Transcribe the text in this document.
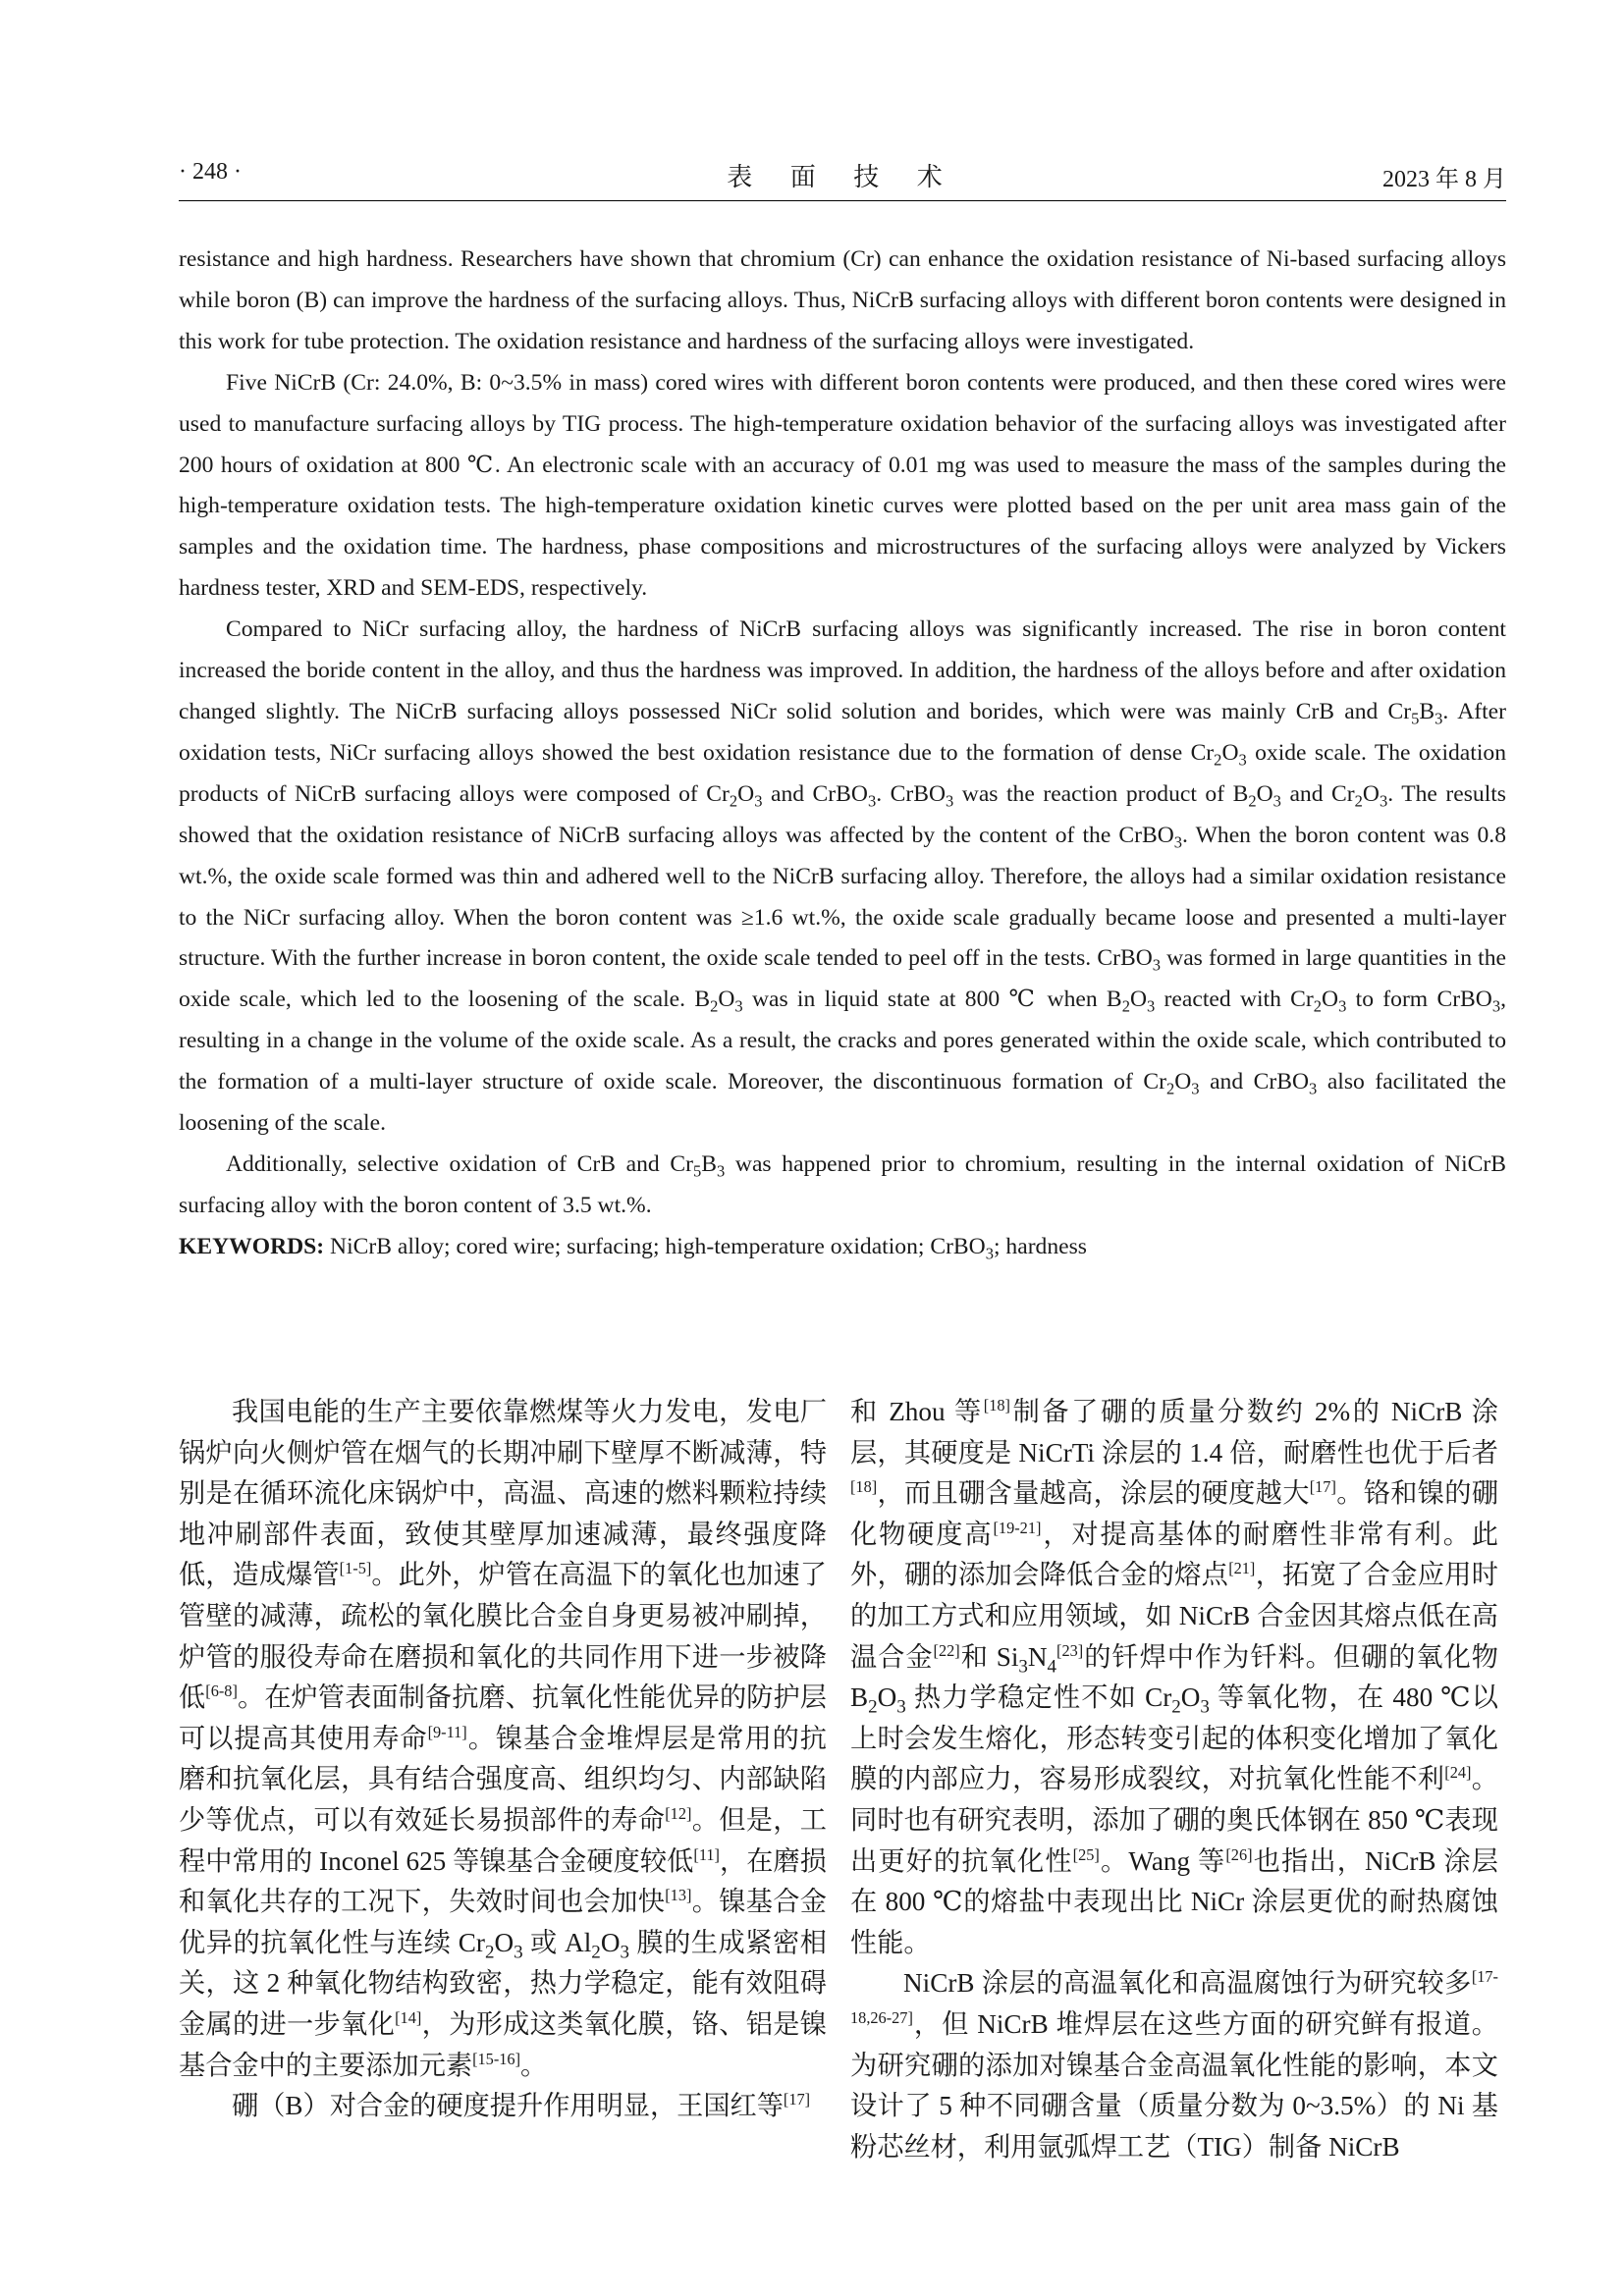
· 248 ·	表 面 技 术	2023 年 8 月

resistance and high hardness. Researchers have shown that chromium (Cr) can enhance the oxidation resistance of Ni-based surfacing alloys while boron (B) can improve the hardness of the surfacing alloys. Thus, NiCrB surfacing alloys with different boron contents were designed in this work for tube protection. The oxidation resistance and hardness of the surfacing alloys were investigated.

Five NiCrB (Cr: 24.0%, B: 0~3.5% in mass) cored wires with different boron contents were produced, and then these cored wires were used to manufacture surfacing alloys by TIG process. The high-temperature oxidation behavior of the surfacing alloys was investigated after 200 hours of oxidation at 800 ℃. An electronic scale with an accuracy of 0.01 mg was used to measure the mass of the samples during the high-temperature oxidation tests. The high-temperature oxidation kinetic curves were plotted based on the per unit area mass gain of the samples and the oxidation time. The hardness, phase compositions and microstructures of the surfacing alloys were analyzed by Vickers hardness tester, XRD and SEM-EDS, respectively.

Compared to NiCr surfacing alloy, the hardness of NiCrB surfacing alloys was significantly increased. The rise in boron content increased the boride content in the alloy, and thus the hardness was improved. In addition, the hardness of the alloys before and after oxidation changed slightly. The NiCrB surfacing alloys possessed NiCr solid solution and borides, which were was mainly CrB and $Cr_5B_3$. After oxidation tests, NiCr surfacing alloys showed the best oxidation resistance due to the formation of dense $Cr_2O_3$ oxide scale. The oxidation products of NiCrB surfacing alloys were composed of $Cr_2O_3$ and CrBO$_3$. CrBO$_3$ was the reaction product of $B_2O_3$ and $Cr_2O_3$. The results showed that the oxidation resistance of NiCrB surfacing alloys was affected by the content of the CrBO$_3$. When the boron content was 0.8 wt.%, the oxide scale formed was thin and adhered well to the NiCrB surfacing alloy. Therefore, the alloys had a similar oxidation resistance to the NiCr surfacing alloy. When the boron content was ≥1.6 wt.%, the oxide scale gradually became loose and presented a multi-layer structure. With the further increase in boron content, the oxide scale tended to peel off in the tests. CrBO$_3$ was formed in large quantities in the oxide scale, which led to the loosening of the scale. $B_2O_3$ was in liquid state at 800 ℃ when $B_2O_3$ reacted with $Cr_2O_3$ to form CrBO$_3$, resulting in a change in the volume of the oxide scale. As a result, the cracks and pores generated within the oxide scale, which contributed to the formation of a multi-layer structure of oxide scale. Moreover, the discontinuous formation of $Cr_2O_3$ and CrBO$_3$ also facilitated the loosening of the scale.

Additionally, selective oxidation of CrB and $Cr_5B_3$ was happened prior to chromium, resulting in the internal oxidation of NiCrB surfacing alloy with the boron content of 3.5 wt.%.

KEYWORDS: NiCrB alloy; cored wire; surfacing; high-temperature oxidation; CrBO$_3$; hardness

我国电能的生产主要依靠燃煤等火力发电，发电厂锅炉向火侧炉管在烟气的长期冲刷下壁厚不断减薄，特别是在循环流化床锅炉中，高温、高速的燃料颗粒持续地冲刷部件表面，致使其壁厚加速减薄，最终强度降低，造成爆管[1-5]。此外，炉管在高温下的氧化也加速了管壁的减薄，疏松的氧化膜比合金自身更易被冲刷掉，炉管的服役寿命在磨损和氧化的共同作用下进一步被降低[6-8]。在炉管表面制备抗磨、抗氧化性能优异的防护层可以提高其使用寿命[9-11]。镍基合金堆焊层是常用的抗磨和抗氧化层，具有结合强度高、组织均匀、内部缺陷少等优点，可以有效延长易损部件的寿命[12]。但是，工程中常用的 Inconel 625 等镍基合金硬度较低[11]，在磨损和氧化共存的工况下，失效时间也会加快[13]。镍基合金优异的抗氧化性与连续 $Cr_2O_3$ 或 $Al_2O_3$ 膜的生成紧密相关，这 2 种氧化物结构致密，热力学稳定，能有效阻碍金属的进一步氧化[14]，为形成这类氧化膜，铬、铝是镍基合金中的主要添加元素[15-16]。

硼（B）对合金的硬度提升作用明显，王国红等[17]

和 Zhou 等[18]制备了硼的质量分数约 2%的 NiCrB 涂层，其硬度是 NiCrTi 涂层的 1.4 倍，耐磨性也优于后者[18]，而且硼含量越高，涂层的硬度越大[17]。铬和镍的硼化物硬度高[19-21]，对提高基体的耐磨性非常有利。此外，硼的添加会降低合金的熔点[21]，拓宽了合金应用时的加工方式和应用领域，如 NiCrB 合金因其熔点低在高温合金[22]和 $Si_3N_4[23]$的钎焊中作为钎料。但硼的氧化物 $B_2O_3$ 热力学稳定性不如 $Cr_2O_3$ 等氧化物，在 480 ℃以上时会发生熔化，形态转变引起的体积变化增加了氧化膜的内部应力，容易形成裂纹，对抗氧化性能不利[24]。同时也有研究表明，添加了硼的奥氏体钢在 850 ℃表现出更好的抗氧化性[25]。Wang 等[26]也指出，NiCrB 涂层在 800 ℃的熔盐中表现出比 NiCr 涂层更优的耐热腐蚀性能。

NiCrB 涂层的高温氧化和高温腐蚀行为研究较多[17-18,26-27]，但 NiCrB 堆焊层在这些方面的研究鲜有报道。为研究硼的添加对镍基合金高温氧化性能的影响，本文设计了 5 种不同硼含量（质量分数为 0~3.5%）的 Ni 基粉芯丝材，利用氩弧焊工艺（TIG）制备 NiCrB
